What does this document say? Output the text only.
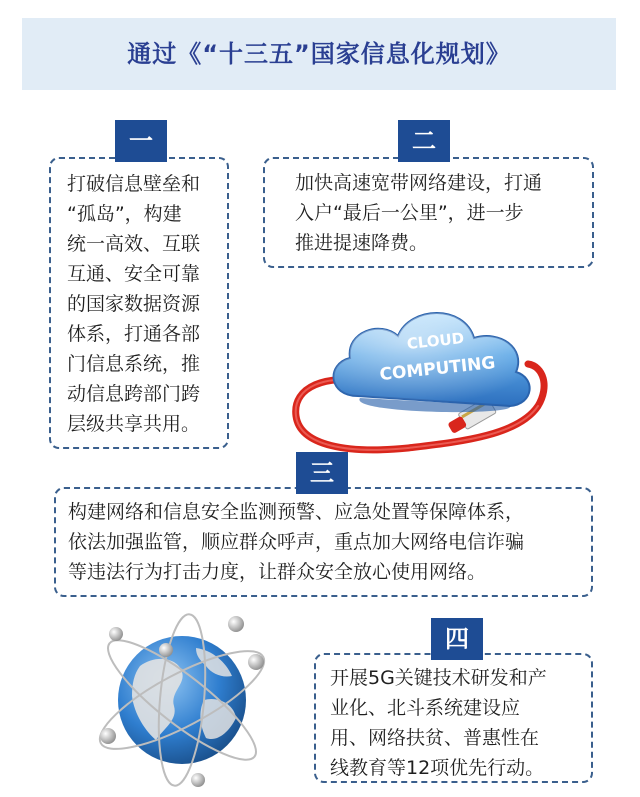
通过《“十三五”国家信息化规划》
打破信息壁垒和
“孤岛”，构建
统一高效、互联
互通、安全可靠
的国家数据资源
体系，打通各部
门信息系统，推
动信息跨部门跨
层级共享共用。
一
加快高速宽带网络建设，打通
入户“最后一公里”，进一步
推进提速降费。
二
CLOUD
COMPUTING
构建网络和信息安全监测预警、应急处置等保障体系，
依法加强监管，顺应群众呼声，重点加大网络电信诈骗
等违法行为打击力度，让群众安全放心使用网络。
三
开展5G关键技术研发和产
业化、北斗系统建设应
用、网络扶贫、普惠性在
线教育等12项优先行动。
四
